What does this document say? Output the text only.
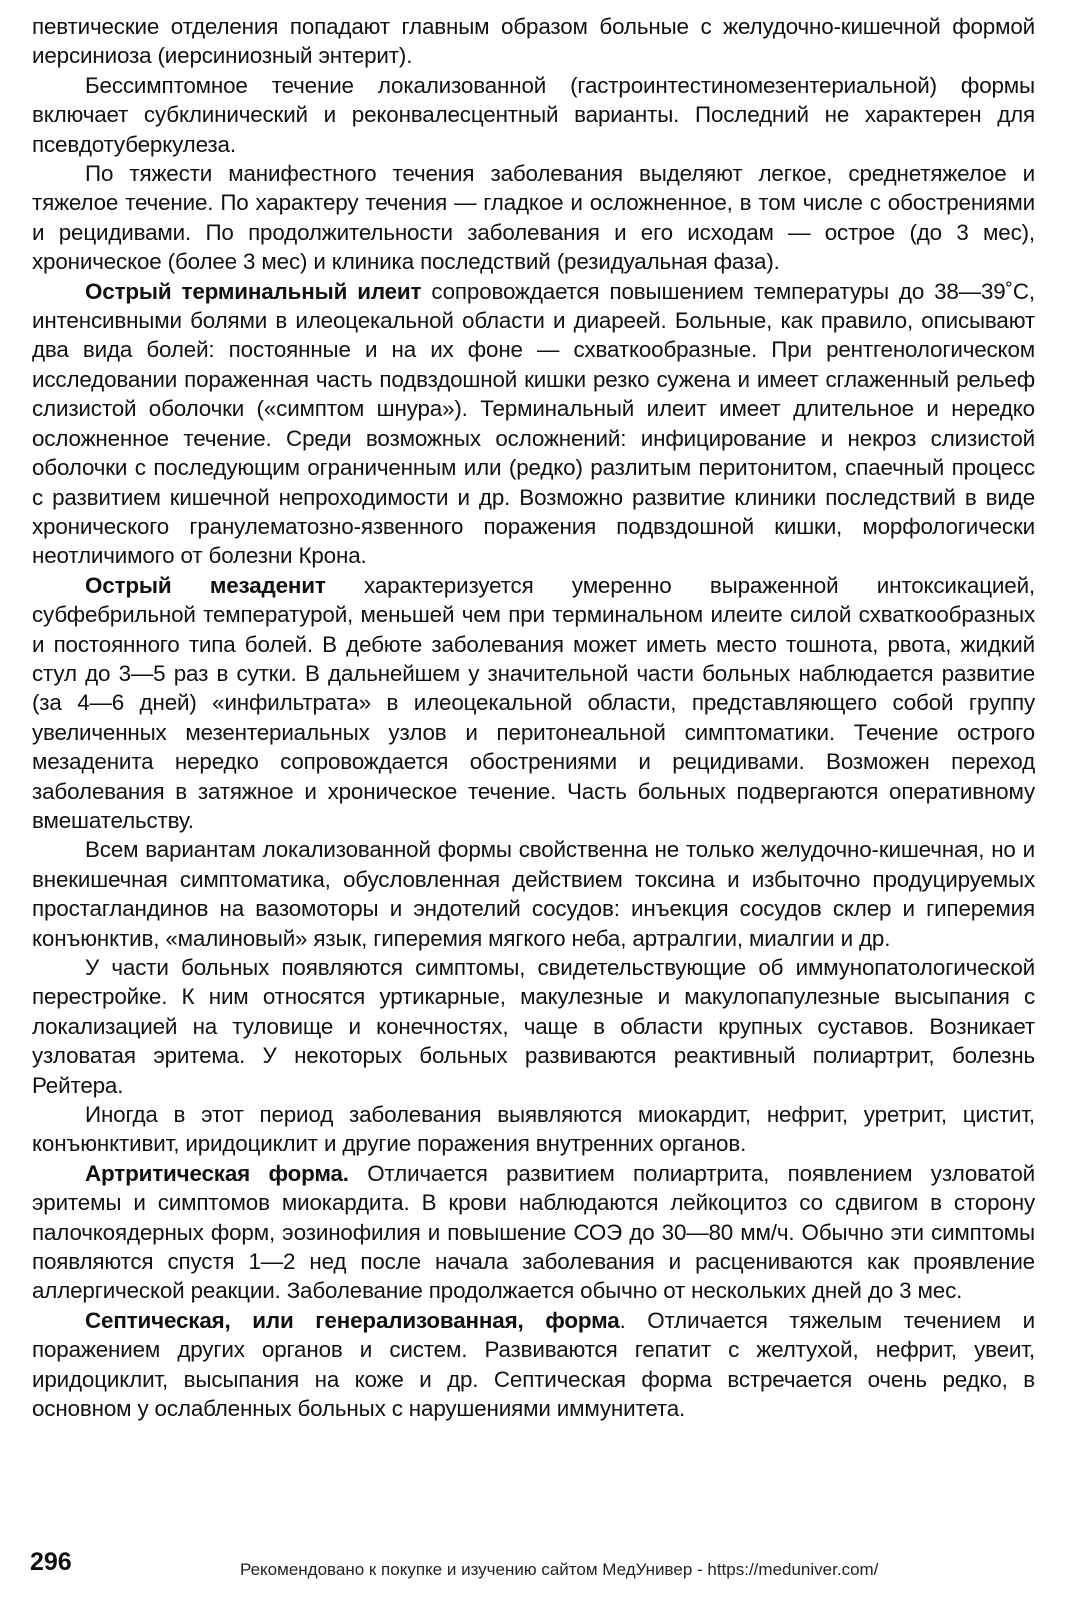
певтические отделения попадают главным образом больные с желудочно-кишечной формой иерсиниоза (иерсиниозный энтерит).

Бессимптомное течение локализованной (гастроинтестиномезентериальной) формы включает субклинический и реконвалесцентный варианты. Последний не характерен для псевдотуберкулеза.

По тяжести манифестного течения заболевания выделяют легкое, среднетяжелое и тяжелое течение. По характеру течения — гладкое и осложненное, в том числе с обострениями и рецидивами. По продолжительности заболевания и его исходам — острое (до 3 мес), хроническое (более 3 мес) и клиника последствий (резидуальная фаза).

Острый терминальный илеит сопровождается повышением температуры до 38—39˚С, интенсивными болями в илеоцекальной области и диареей. Больные, как правило, описывают два вида болей: постоянные и на их фоне — схваткообразные. При рентгенологическом исследовании пораженная часть подвздошной кишки резко сужена и имеет сглаженный рельеф слизистой оболочки («симптом шнура»). Терминальный илеит имеет длительное и нередко осложненное течение. Среди возможных осложнений: инфицирование и некроз слизистой оболочки с последующим ограниченным или (редко) разлитым перитонитом, спаечный процесс с развитием кишечной непроходимости и др. Возможно развитие клиники последствий в виде хронического гранулематозно-язвенного поражения подвздошной кишки, морфологически неотличимого от болезни Крона.

Острый мезаденит характеризуется умеренно выраженной интоксикацией, субфебрильной температурой, меньшей чем при терминальном илеите силой схваткообразных и постоянного типа болей. В дебюте заболевания может иметь место тошнота, рвота, жидкий стул до 3—5 раз в сутки. В дальнейшем у значительной части больных наблюдается развитие (за 4—6 дней) «инфильтрата» в илеоцекальной области, представляющего собой группу увеличенных мезентериальных узлов и перитонеальной симптоматики. Течение острого мезаденита нередко сопровождается обострениями и рецидивами. Возможен переход заболевания в затяжное и хроническое течение. Часть больных подвергаются оперативному вмешательству.

Всем вариантам локализованной формы свойственна не только желудочно-кишечная, но и внекишечная симптоматика, обусловленная действием токсина и избыточно продуцируемых простагландинов на вазомоторы и эндотелий сосудов: инъекция сосудов склер и гиперемия конъюнктив, «малиновый» язык, гиперемия мягкого неба, артралгии, миалгии и др.

У части больных появляются симптомы, свидетельствующие об иммунопатологической перестройке. К ним относятся уртикарные, макулезные и макулопапулезные высыпания с локализацией на туловище и конечностях, чаще в области крупных суставов. Возникает узловатая эритема. У некоторых больных развиваются реактивный полиартрит, болезнь Рейтера.

Иногда в этот период заболевания выявляются миокардит, нефрит, уретрит, цистит, конъюнктивит, иридоциклит и другие поражения внутренних органов.

Артритическая форма. Отличается развитием полиартрита, появлением узловатой эритемы и симптомов миокардита. В крови наблюдаются лейкоцитоз со сдвигом в сторону палочкоядерных форм, эозинофилия и повышение СОЭ до 30—80 мм/ч. Обычно эти симптомы появляются спустя 1—2 нед после начала заболевания и расцениваются как проявление аллергической реакции. Заболевание продолжается обычно от нескольких дней до 3 мес.

Септическая, или генерализованная, форма. Отличается тяжелым течением и поражением других органов и систем. Развиваются гепатит с желтухой, нефрит, увеит, иридоциклит, высыпания на коже и др. Септическая форма встречается очень редко, в основном у ослабленных больных с нарушениями иммунитета.

296	Рекомендовано к покупке и изучению сайтом МедУнивер - https://meduniver.com/
